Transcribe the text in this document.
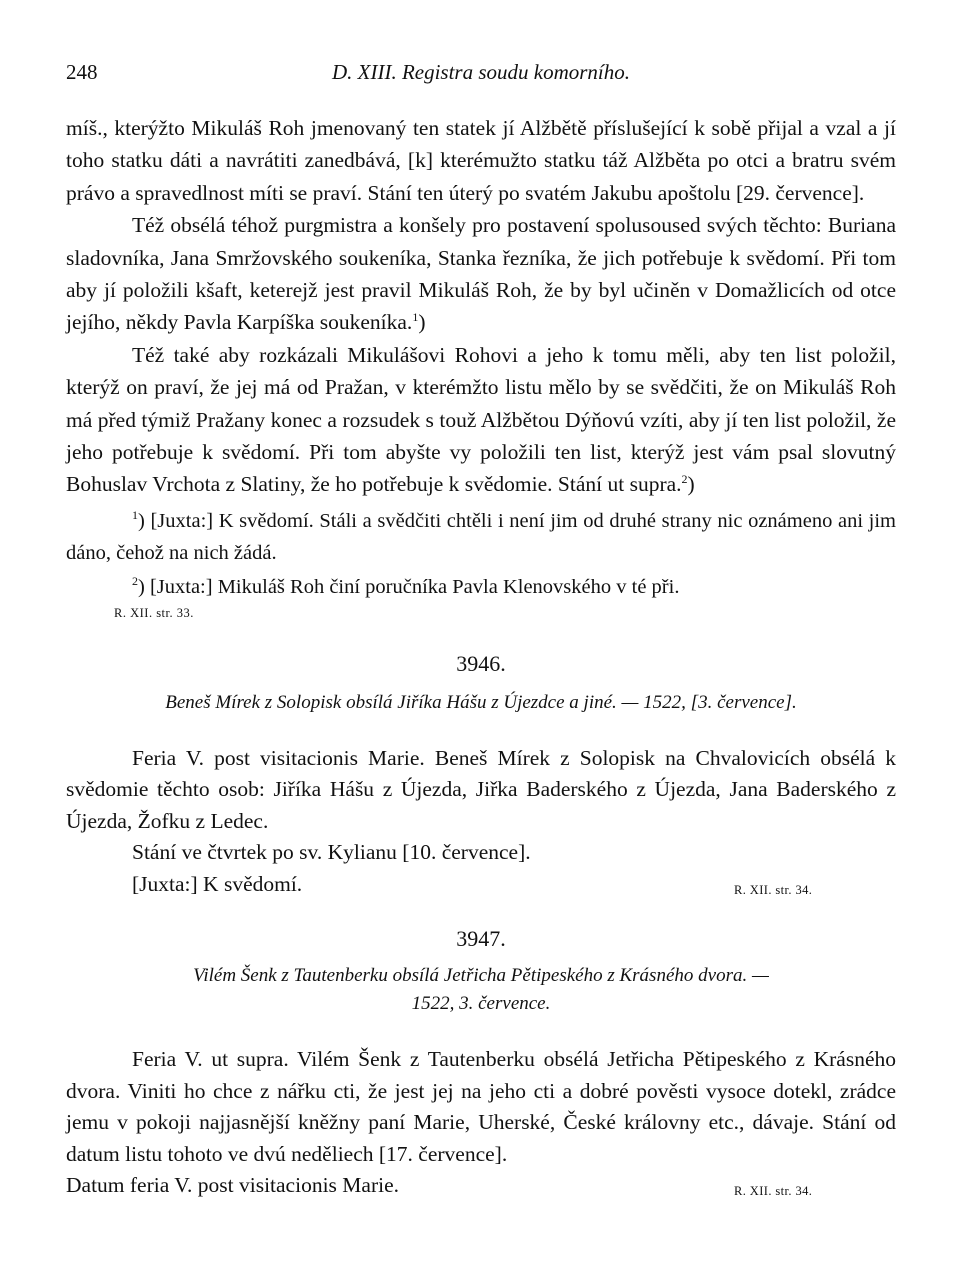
248	D. XIII. Registra soudu komorního.

míš., kterýžto Mikuláš Roh jmenovaný ten statek jí Alžbětě příslušející k sobě přijal a vzal a jí toho statku dáti a navrátiti zanedbává, [k] kterémužto statku táž Alžběta po otci a bratru svém právo a spravedlnost míti se praví. Stání ten úterý po svatém Jakubu apoštolu [29. července].

Též obsélá téhož purgmistra a konšely pro postavení spolusoused svých těchto: Buriana sladovníka, Jana Smržovského soukeníka, Stanka řezníka, že jich potřebuje k svědomí. Při tom aby jí položili kšaft, keterejž jest pravil Mikuláš Roh, že by byl učiněn v Domažlicích od otce jejího, někdy Pavla Karpíška soukeníka.$^1$)

Též také aby rozkázali Mikulášovi Rohovi a jeho k tomu měli, aby ten list položil, kterýž on praví, že jej má od Pražan, v kterémžto listu mělo by se svědčiti, že on Mikuláš Roh má před týmiž Pražany konec a rozsudek s touž Alžbětou Dýňovú vzíti, aby jí ten list položil, že jeho potřebuje k svědomí. Při tom abyšte vy položili ten list, kterýž jest vám psal slovutný Bohuslav Vrchota z Slatiny, že ho potřebuje k svědomie. Stání ut supra.$^2$)

$^1$) [Juxta:] K svědomí. Stáli a svědčiti chtěli i není jim od druhé strany nic oznámeno ani jim dáno, čehož na nich žádá.

$^2$) [Juxta:] Mikuláš Roh činí poručníka Pavla Klenovského v té při.

R. XII. str. 33.

3946.

Beneš Mírek z Solopisk obsílá Jiříka Hášu z Újezdce a jiné. — 1522, [3. července].

Feria V. post visitacionis Marie. Beneš Mírek z Solopisk na Chvalovicích obsélá k svědomie těchto osob: Jiříka Hášu z Újezda, Jiřka Baderského z Újezda, Jana Baderského z Újezda, Žofku z Ledec.

Stání ve čtvrtek po sv. Kylianu [10. července].

[Juxta:] K svědomí.	R. XII. str. 34.

3947.

Vilém Šenk z Tautenberku obsílá Jetřicha Pětipeského z Krásného dvora. —

1522, 3. července.

Feria V. ut supra. Vilém Šenk z Tautenberku obsélá Jetřicha Pětipeského z Krásného dvora. Viniti ho chce z nářku cti, že jest jej na jeho cti a dobré pověsti vysoce dotekl, zrádce jemu v pokoji najjasnější kněžny paní Marie, Uherské, České královny etc., dávaje. Stání od datum listu tohoto ve dvú neděliech [17. července].

Datum feria V. post visitacionis Marie.	R. XII. str. 34.
